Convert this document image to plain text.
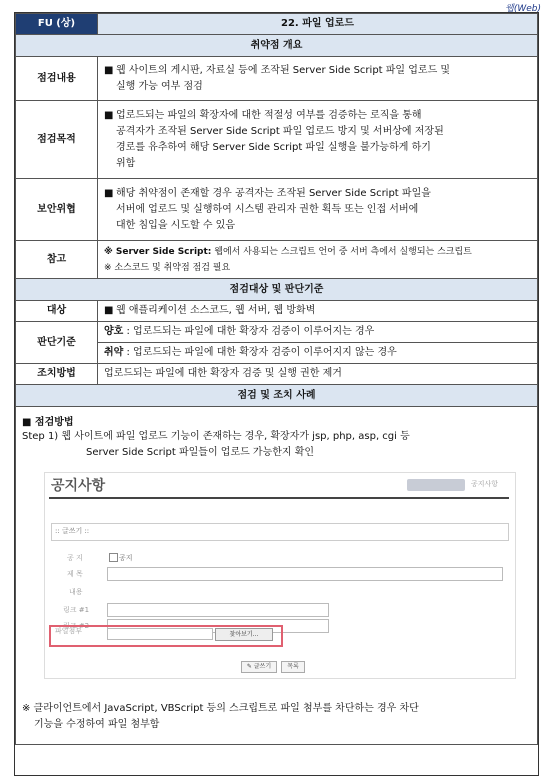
웹(Web)
FU (상)	22. 파일 업로드
취약점 개요	
점검내용	■ 웹 사이트의 게시판, 자료실 등에 조작된 Server Side Script 파일 업로드 및
실행 가능 여부 점검

점검목적	■ 업로드되는 파일의 확장자에 대한 적절성 여부를 검증하는 로직을 통해
공격자가 조작된 Server Side Script 파일 업로드 방지 및 서버상에 저장된
경로를 유추하여 해당 Server Side Script 파일 실행을 불가능하게 하기
위함

보안위협	■ 해당 취약점이 존재할 경우 공격자는 조작된 Server Side Script 파일을
서버에 업로드 및 실행하여 시스템 관리자 권한 획득 또는 인접 서버에
대한 침입을 시도할 수 있음

참고	※ Server Side Script: 웹에서 사용되는 스크립트 언어 중 서버 측에서 실행되는 스크립트
※ 소스코드 및 취약점 점검 필요

점검대상 및 판단기준	
대상	■ 웹 애플리케이션 소스코드, 웹 서버, 웹 방화벽
판단기준	양호 : 업로드되는 파일에 대한 확장자 검증이 이루어지는 경우
	취약 : 업로드되는 파일에 대한 확장자 검증이 이루어지지 않는 경우
조치방법	업로드되는 파일에 대한 확장자 검증 및 실행 권한 제거
점검 및 조치 사례	
■ 점검방법
Step 1) 웹 사이트에 파일 업로드 기능이 존재하는 경우, 확장자가 jsp, php, asp, cgi 등
Server Side Script 파일들이 업로드 가능한지 확인
공지사항	공지사항
:: 글쓰기 ::
공 지	공지
제 목
내용
링크 #1
링크 #2
파일첨부	찾아보기...
✎ 글쓰기	목록
※ 클라이언트에서 JavaScript, VBScript 등의 스크립트로 파일 첨부를 차단하는 경우 차단
기능을 수정하여 파일 첨부함
